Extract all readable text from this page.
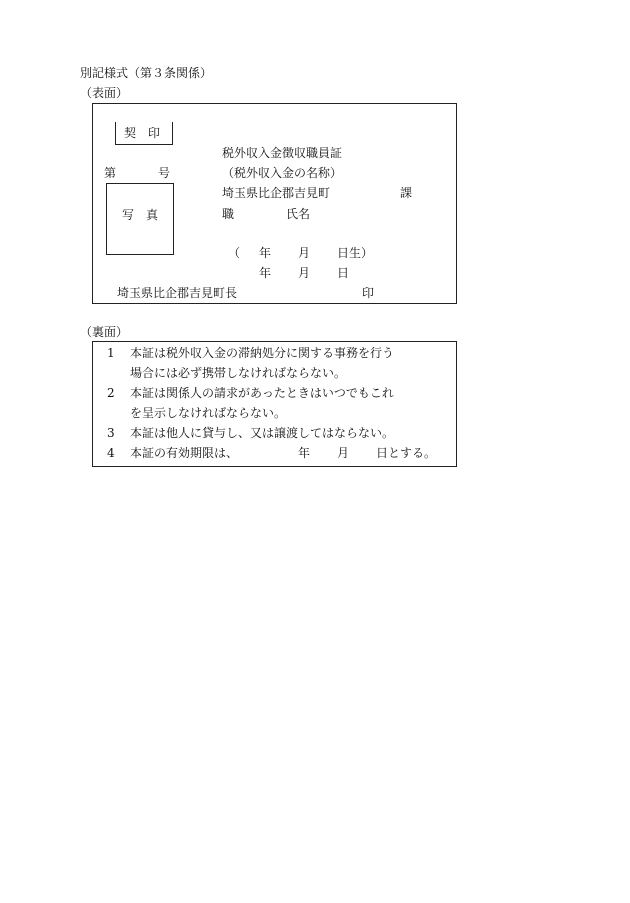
別記様式（第３条関係）
（表面）
契　印
第	号
写　真
税外収入金徴収職員証
（税外収入金の名称）
埼玉県比企郡吉見町	課
職	氏名
（ 年 月 日生）
年 月 日
埼玉県比企郡吉見町長	印
（裏面）
1 本証は税外収入金の滞納処分に関する事務を行う
場合には必ず携帯しなければならない。
2 本証は関係人の請求があったときはいつでもこれ
を呈示しなければならない。
3 本証は他人に貸与し、又は譲渡してはならない。
4 本証の有効期限は、	年 月 日とする。
